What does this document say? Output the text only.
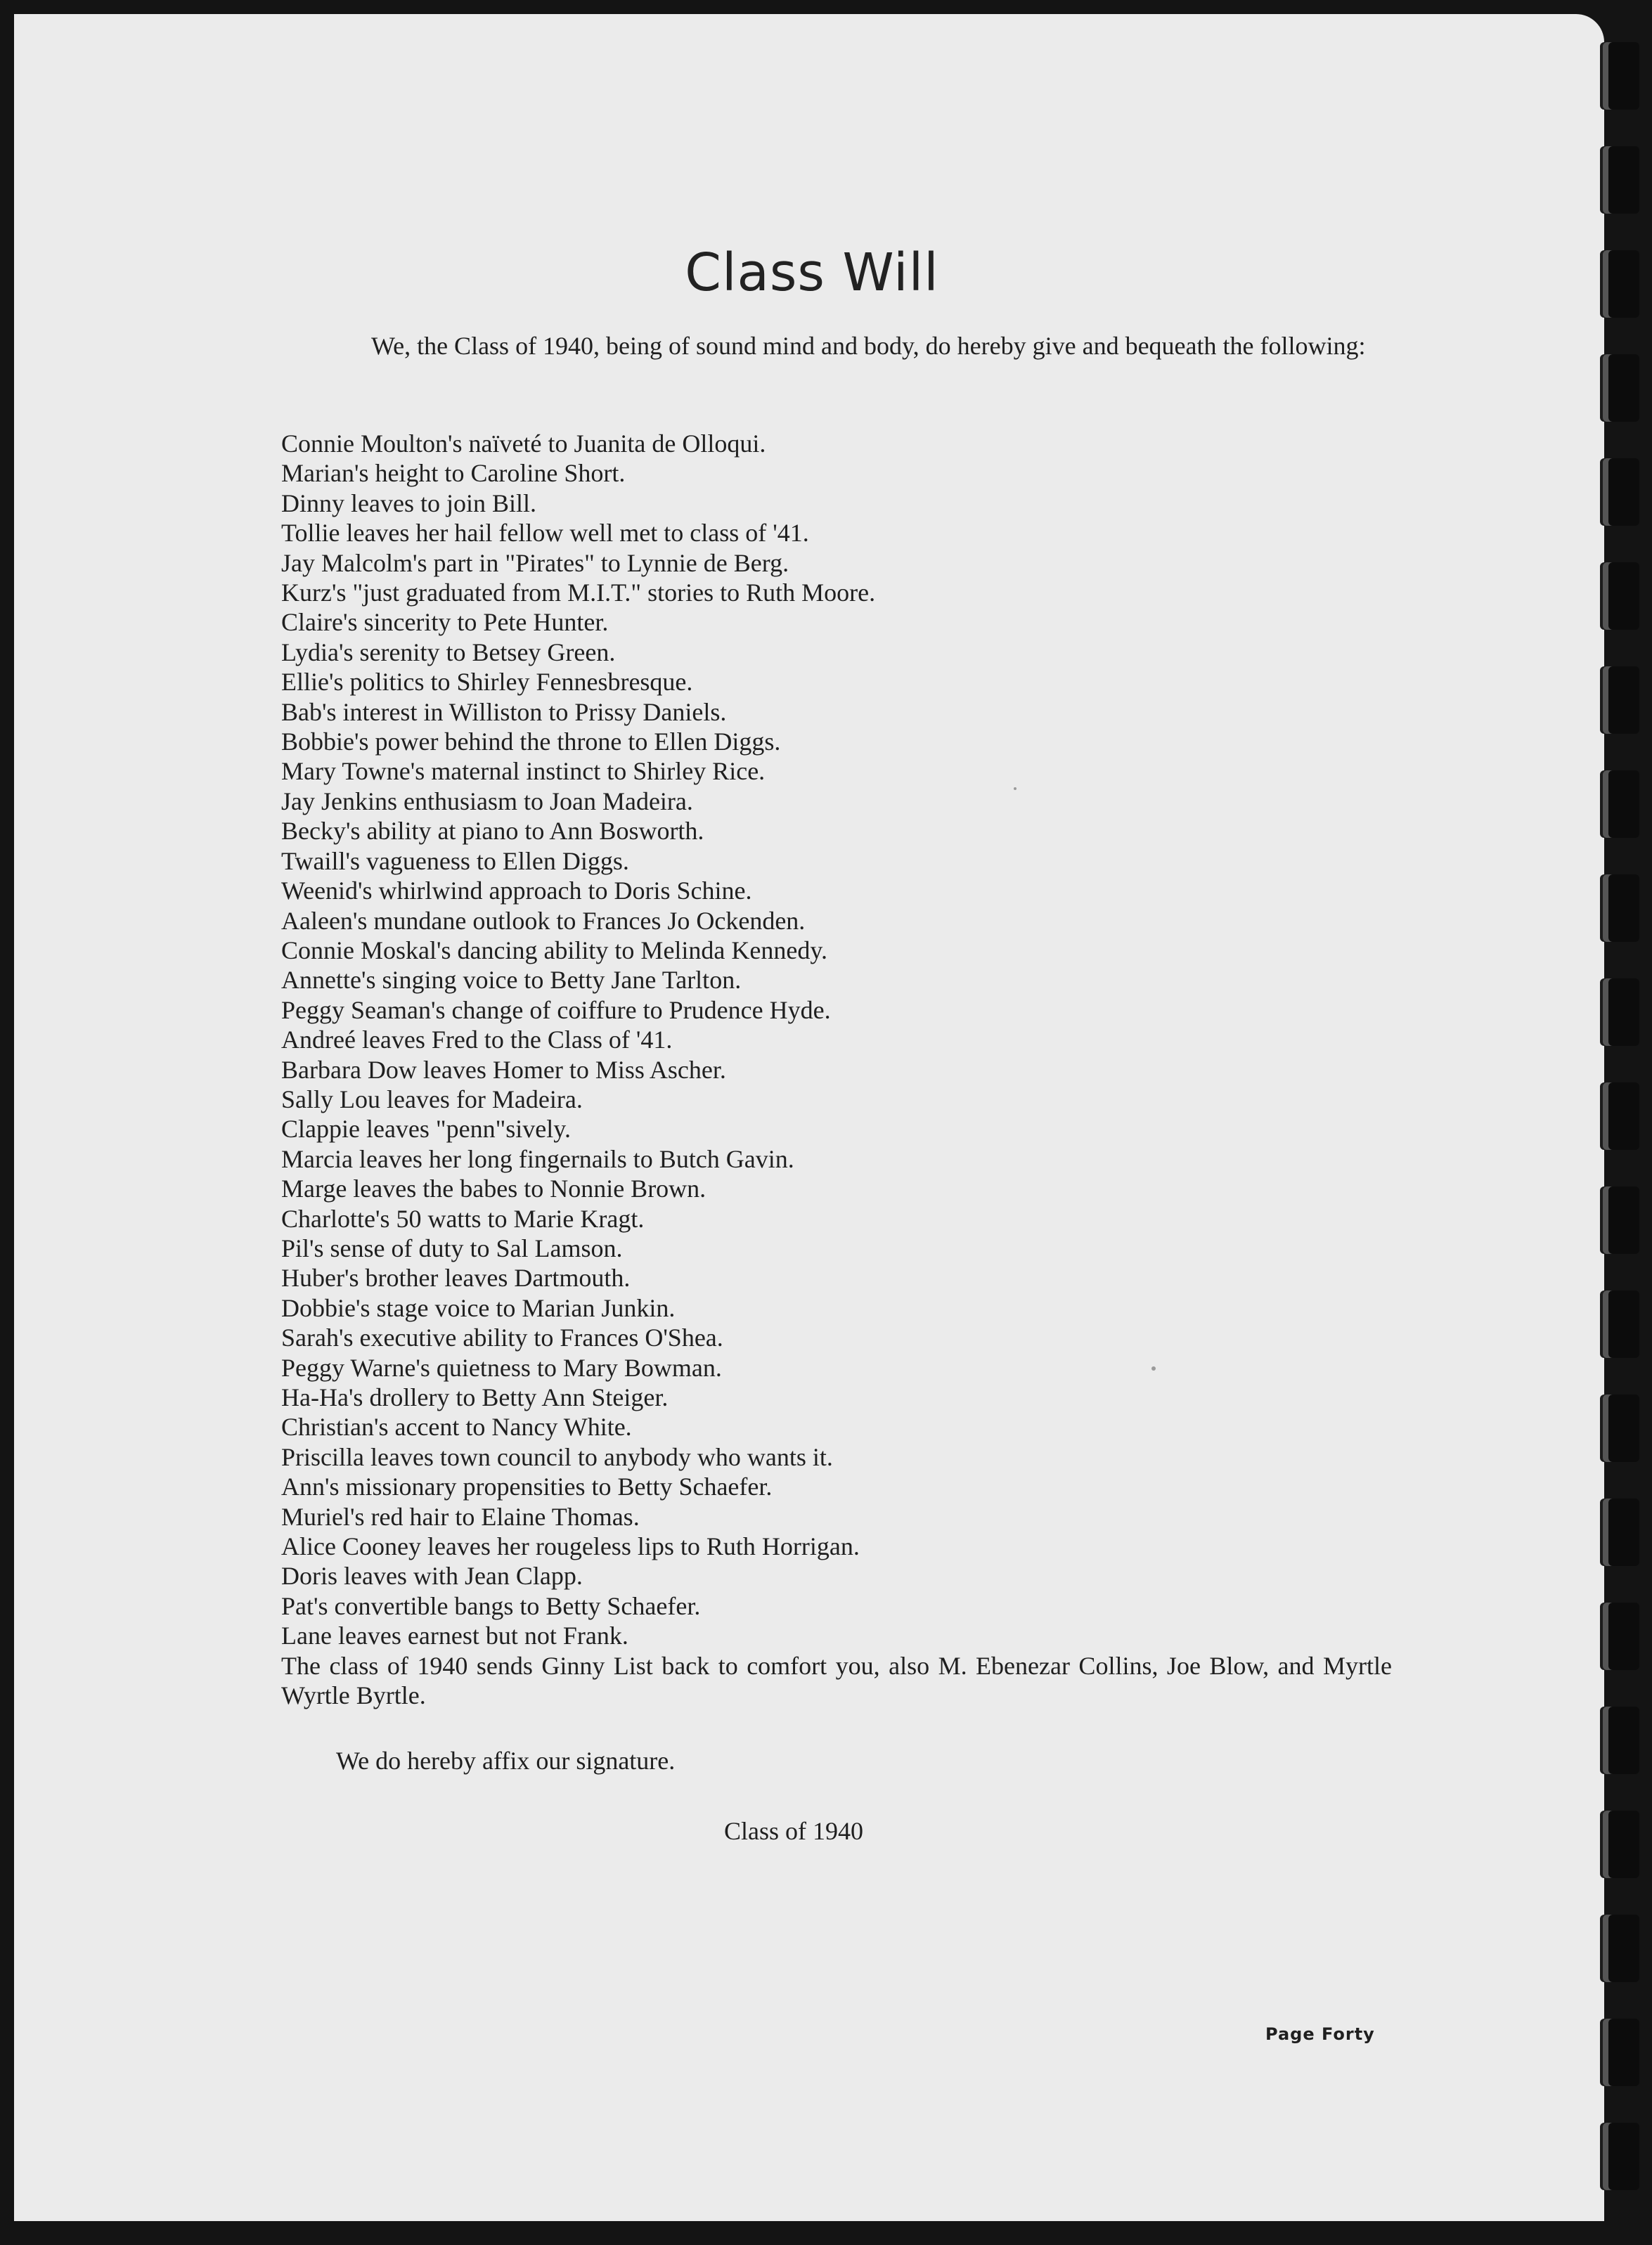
Class Will

We, the Class of 1940, being of sound mind and body, do hereby give and bequeath the following:

Connie Moulton's naïveté to Juanita de Olloqui.
Marian's height to Caroline Short.
Dinny leaves to join Bill.
Tollie leaves her hail fellow well met to class of '41.
Jay Malcolm's part in "Pirates" to Lynnie de Berg.
Kurz's "just graduated from M.I.T." stories to Ruth Moore.
Claire's sincerity to Pete Hunter.
Lydia's serenity to Betsey Green.
Ellie's politics to Shirley Fennesbresque.
Bab's interest in Williston to Prissy Daniels.
Bobbie's power behind the throne to Ellen Diggs.
Mary Towne's maternal instinct to Shirley Rice.
Jay Jenkins enthusiasm to Joan Madeira.
Becky's ability at piano to Ann Bosworth.
Twaill's vagueness to Ellen Diggs.
Weenid's whirlwind approach to Doris Schine.
Aaleen's mundane outlook to Frances Jo Ockenden.
Connie Moskal's dancing ability to Melinda Kennedy.
Annette's singing voice to Betty Jane Tarlton.
Peggy Seaman's change of coiffure to Prudence Hyde.
Andreé leaves Fred to the Class of '41.
Barbara Dow leaves Homer to Miss Ascher.
Sally Lou leaves for Madeira.
Clappie leaves "penn"sively.
Marcia leaves her long fingernails to Butch Gavin.
Marge leaves the babes to Nonnie Brown.
Charlotte's 50 watts to Marie Kragt.
Pil's sense of duty to Sal Lamson.
Huber's brother leaves Dartmouth.
Dobbie's stage voice to Marian Junkin.
Sarah's executive ability to Frances O'Shea.
Peggy Warne's quietness to Mary Bowman.
Ha-Ha's drollery to Betty Ann Steiger.
Christian's accent to Nancy White.
Priscilla leaves town council to anybody who wants it.
Ann's missionary propensities to Betty Schaefer.
Muriel's red hair to Elaine Thomas.
Alice Cooney leaves her rougeless lips to Ruth Horrigan.
Doris leaves with Jean Clapp.
Pat's convertible bangs to Betty Schaefer.
Lane leaves earnest but not Frank.
The class of 1940 sends Ginny List back to comfort you, also M. Ebenezar Collins, Joe Blow, and Myrtle Wyrtle Byrtle.

We do hereby affix our signature.

Class of 1940

Page Forty
